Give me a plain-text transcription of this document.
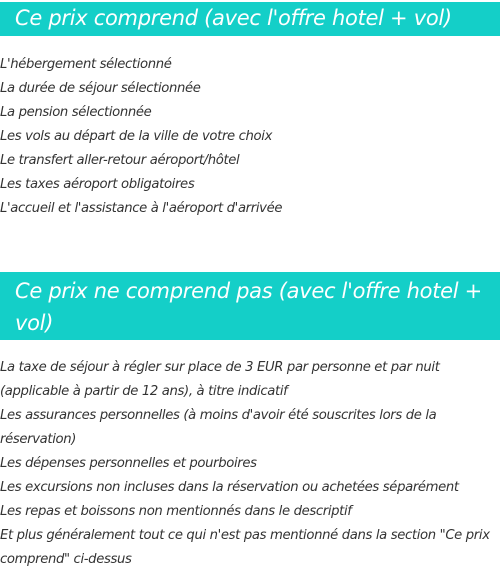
Ce prix comprend (avec l'offre hotel + vol)
L'hébergement sélectionné
La durée de séjour sélectionnée
La pension sélectionnée
Les vols au départ de la ville de votre choix
Le transfert aller-retour aéroport/hôtel
Les taxes aéroport obligatoires
L'accueil et l'assistance à l'aéroport d'arrivée
Ce prix ne comprend pas (avec l'offre hotel + vol)
La taxe de séjour à régler sur place de 3 EUR par personne et par nuit (applicable à partir de 12 ans), à titre indicatif
Les assurances personnelles (à moins d'avoir été souscrites lors de la réservation)
Les dépenses personnelles et pourboires
Les excursions non incluses dans la réservation ou achetées séparément
Les repas et boissons non mentionnés dans le descriptif
Et plus généralement tout ce qui n'est pas mentionné dans la section "Ce prix comprend" ci-dessus
